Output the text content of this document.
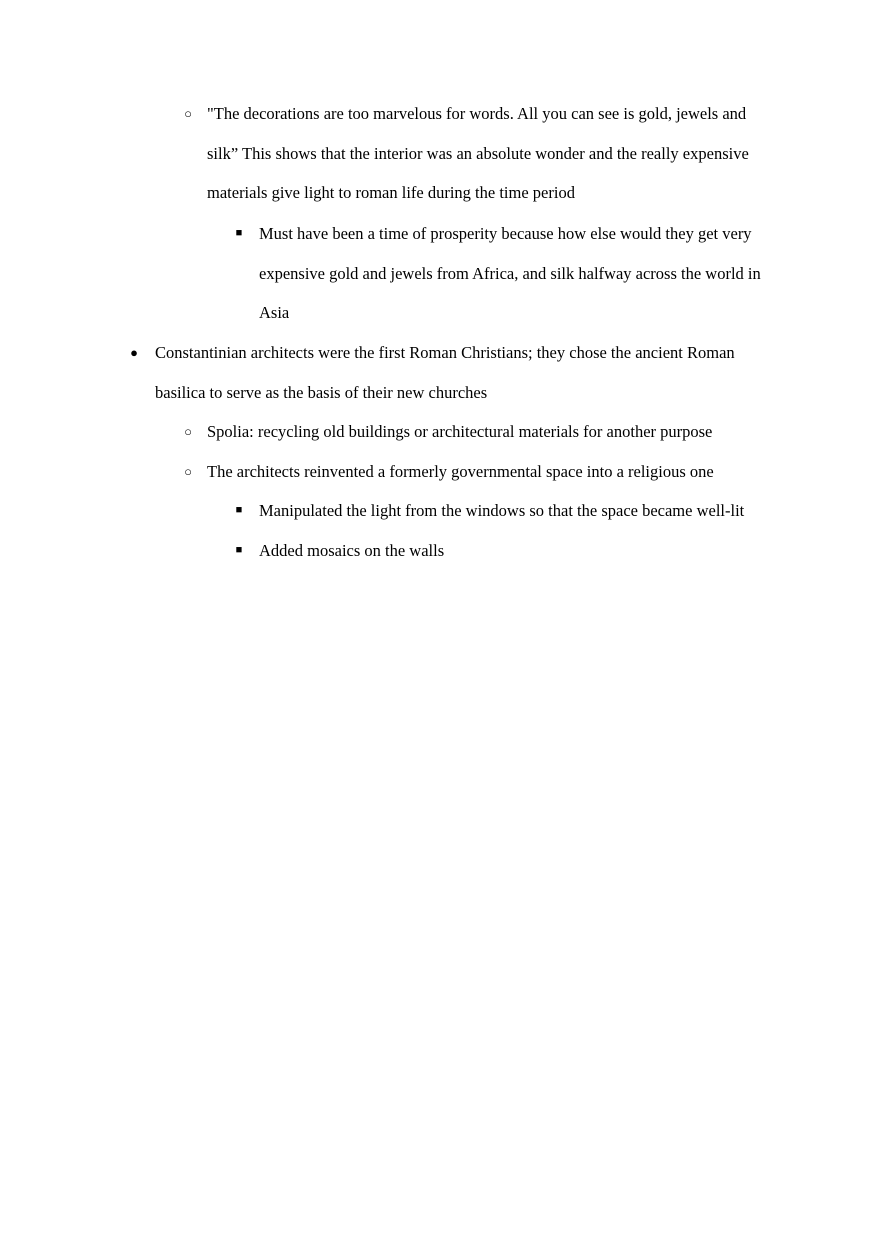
○ "The decorations are too marvelous for words. All you can see is gold, jewels and silk” This shows that the interior was an absolute wonder and the really expensive materials give light to roman life during the time period
■ Must have been a time of prosperity because how else would they get very expensive gold and jewels from Africa, and silk halfway across the world in Asia
● Constantinian architects were the first Roman Christians; they chose the ancient Roman basilica to serve as the basis of their new churches
○ Spolia: recycling old buildings or architectural materials for another purpose
○ The architects reinvented a formerly governmental space into a religious one
■ Manipulated the light from the windows so that the space became well-lit
■ Added mosaics on the walls
